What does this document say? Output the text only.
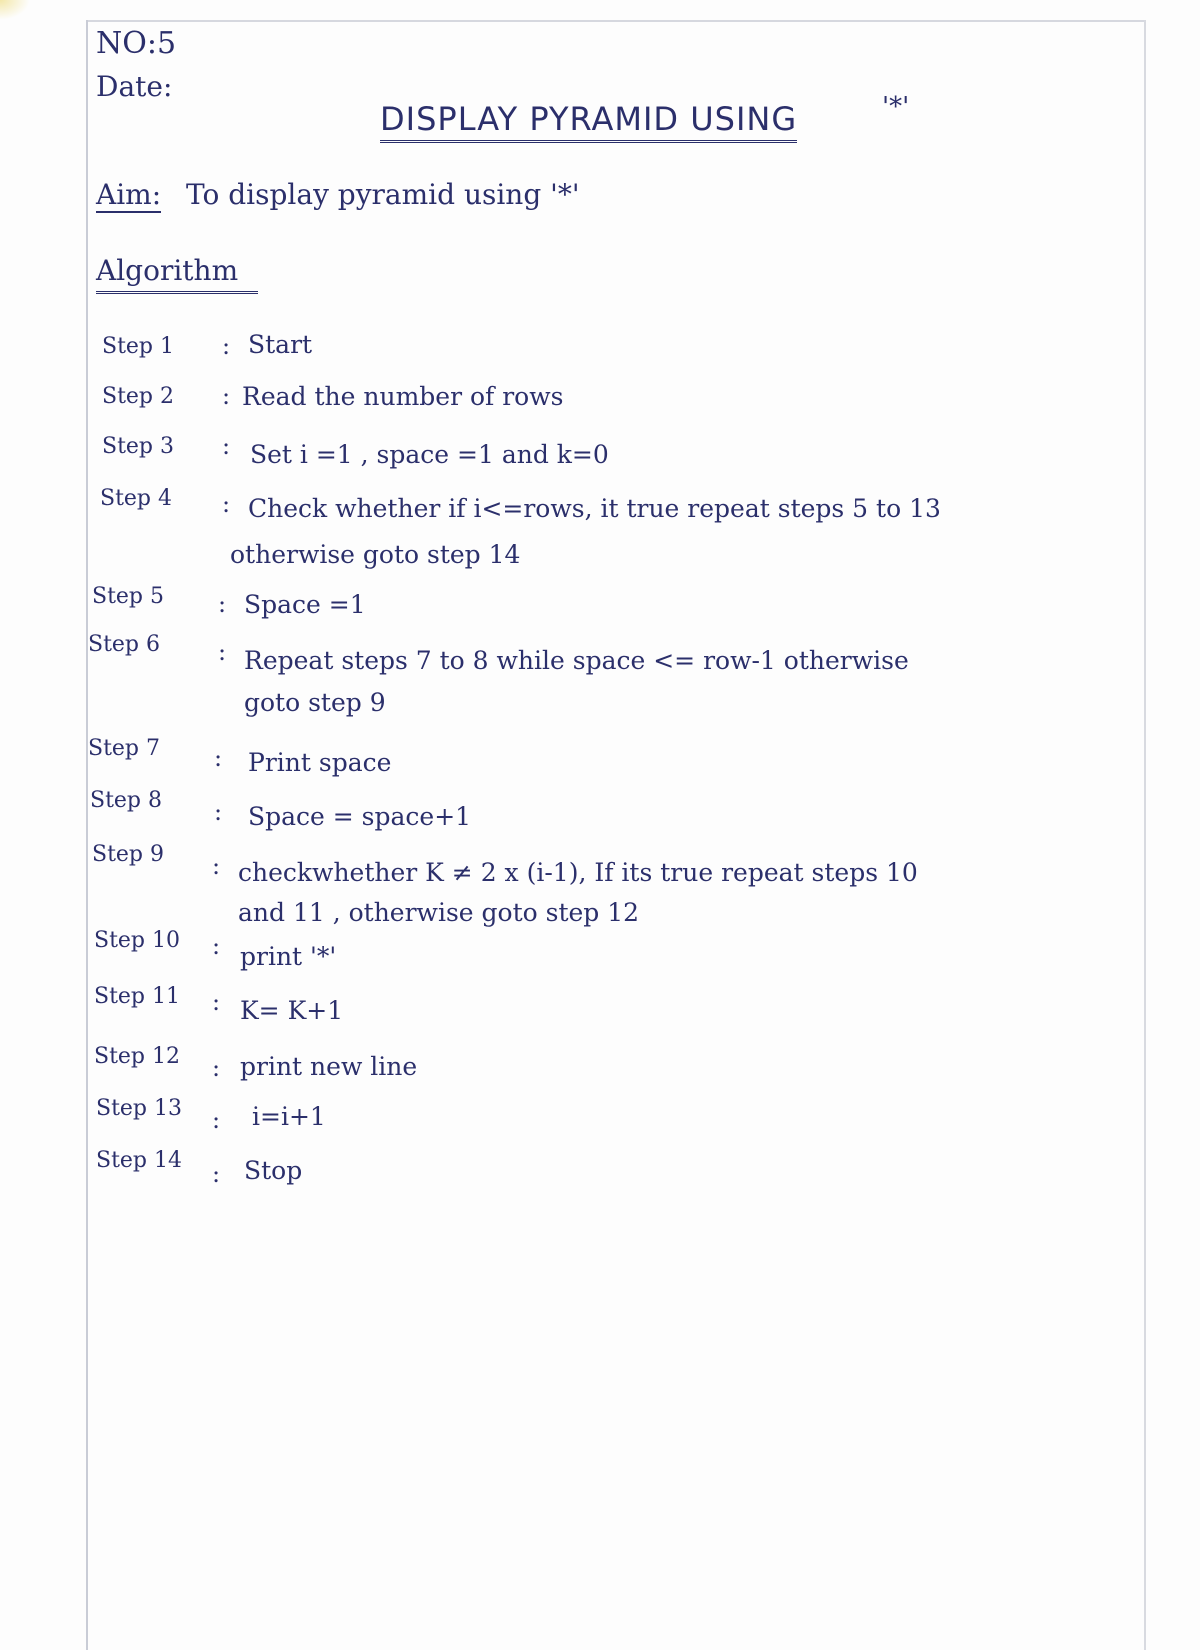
NO:5
Date:
DISPLAY PYRAMID USING	'*'
Aim: To display pyramid using '*'
Algorithm
Step 1 : Start
Step 2 : Read the number of rows
Step 3 : Set i =1 , space =1 and k=0
Step 4 : Check whether if i<=rows, it true repeat steps 5 to 13
otherwise goto step 14
Step 5 : Space =1
Step 6 : Repeat steps 7 to 8 while space <= row-1 otherwise
goto step 9
Step 7 : Print space
Step 8 : Space = space+1
Step 9 : checkwhether K ≠ 2 x (i-1), If its true repeat steps 10
and 11 , otherwise goto step 12
Step 10 : print '*'
Step 11 : K= K+1
Step 12 : print new line
Step 13 : i=i+1
Step 14 : Stop
